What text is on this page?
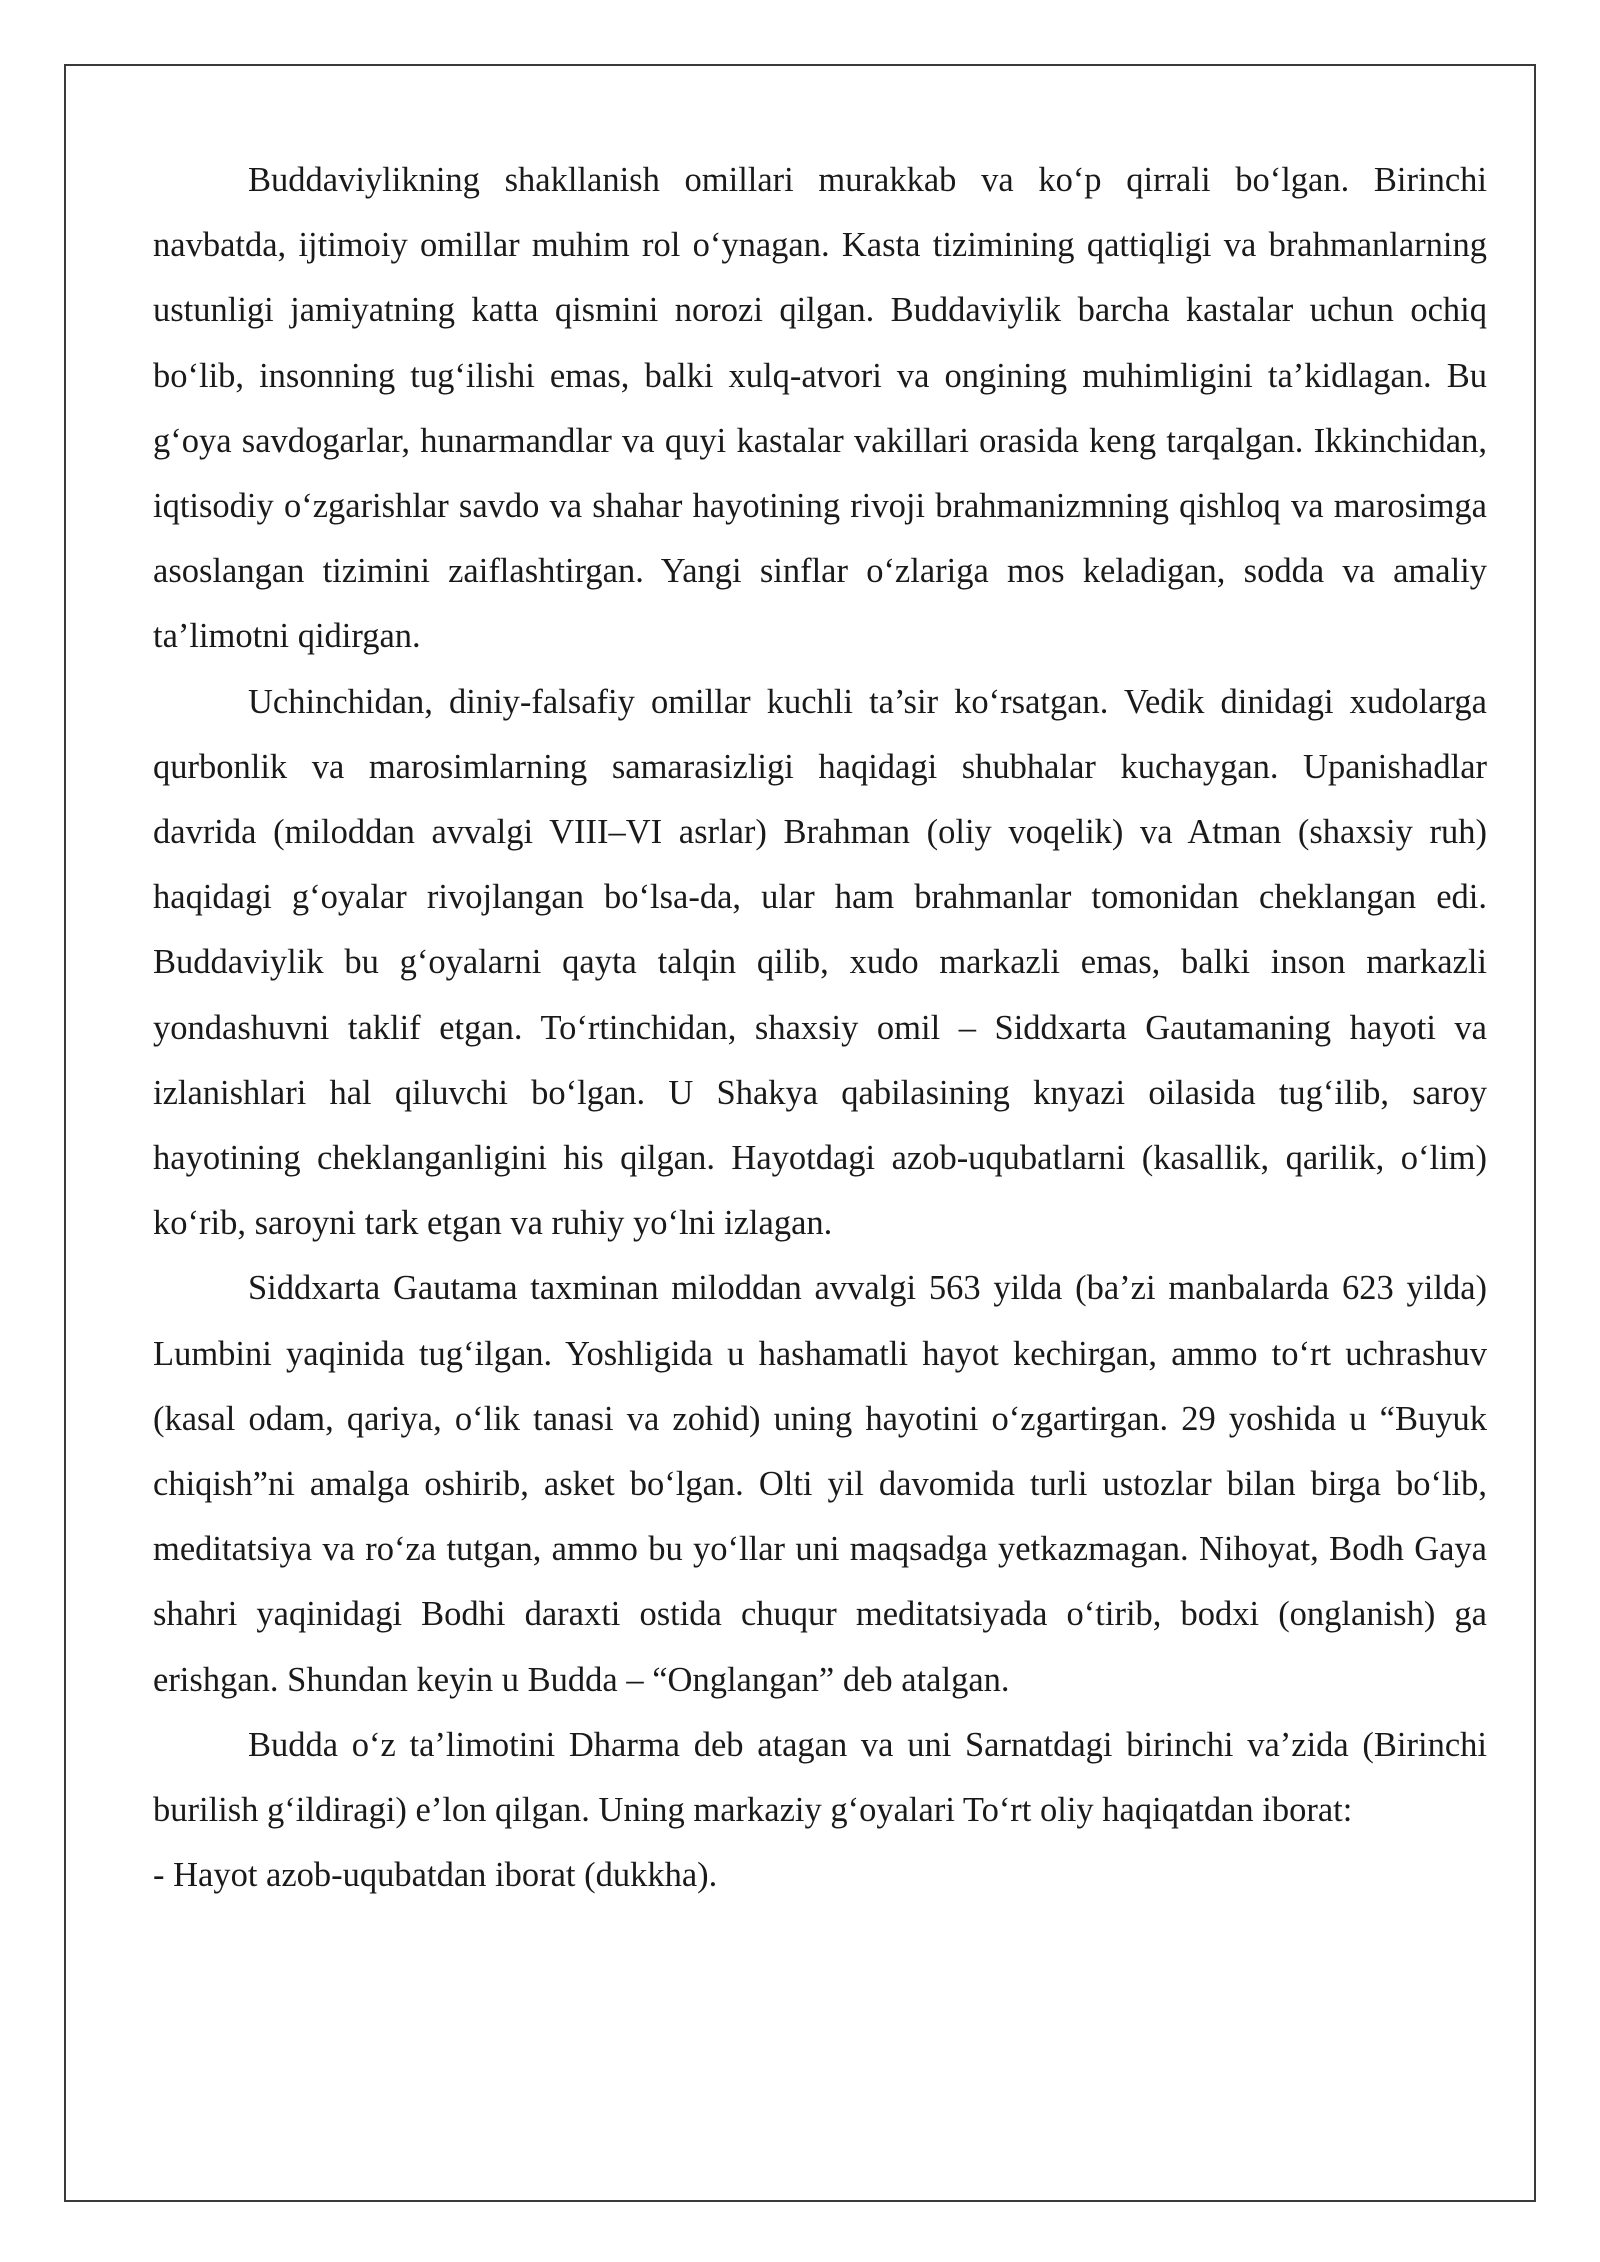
Buddaviylikning shakllanish omillari murakkab va ko‘p qirrali bo‘lgan. Birinchi navbatda, ijtimoiy omillar muhim rol o‘ynagan. Kasta tizimining qattiqligi va brahmanlarning ustunligi jamiyatning katta qismini norozi qilgan. Buddaviylik barcha kastalar uchun ochiq bo‘lib, insonning tug‘ilishi emas, balki xulq-atvori va ongining muhimligini ta’kidlagan. Bu g‘oya savdogarlar, hunarmandlar va quyi kastalar vakillari orasida keng tarqalgan. Ikkinchidan, iqtisodiy o‘zgarishlar savdo va shahar hayotining rivoji brahmanizmning qishloq va marosimga asoslangan tizimini zaiflashtirgan. Yangi sinflar o‘zlariga mos keladigan, sodda va amaliy ta’limotni qidirgan.

Uchinchidan, diniy-falsafiy omillar kuchli ta’sir ko‘rsatgan. Vedik dinidagi xudolarga qurbonlik va marosimlarning samarasizligi haqidagi shubhalar kuchaygan. Upanishadlar davrida (miloddan avvalgi VIII–VI asrlar) Brahman (oliy voqelik) va Atman (shaxsiy ruh) haqidagi g‘oyalar rivojlangan bo‘lsa-da, ular ham brahmanlar tomonidan cheklangan edi. Buddaviylik bu g‘oyalarni qayta talqin qilib, xudo markazli emas, balki inson markazli yondashuvni taklif etgan. To‘rtinchidan, shaxsiy omil – Siddxarta Gautamaning hayoti va izlanishlari hal qiluvchi bo‘lgan. U Shakya qabilasining knyazi oilasida tug‘ilib, saroy hayotining cheklanganligini his qilgan. Hayotdagi azob-uqubatlarni (kasallik, qarilik, o‘lim) ko‘rib, saroyni tark etgan va ruhiy yo‘lni izlagan.

Siddxarta Gautama taxminan miloddan avvalgi 563 yilda (ba’zi manbalarda 623 yilda) Lumbini yaqinida tug‘ilgan. Yoshligida u hashamatli hayot kechirgan, ammo to‘rt uchrashuv (kasal odam, qariya, o‘lik tanasi va zohid) uning hayotini o‘zgartirgan. 29 yoshida u “Buyuk chiqish”ni amalga oshirib, asket bo‘lgan. Olti yil davomida turli ustozlar bilan birga bo‘lib, meditatsiya va ro‘za tutgan, ammo bu yo‘llar uni maqsadga yetkazmagan. Nihoyat, Bodh Gaya shahri yaqinidagi Bodhi daraxti ostida chuqur meditatsiyada o‘tirib, bodxi (onglanish) ga erishgan. Shundan keyin u Budda – “Onglangan” deb atalgan.

Budda o‘z ta’limotini Dharma deb atagan va uni Sarnatdagi birinchi va’zida (Birinchi burilish g‘ildiragi) e’lon qilgan. Uning markaziy g‘oyalari To‘rt oliy haqiqatdan iborat:

- Hayot azob-uqubatdan iborat (dukkha).
